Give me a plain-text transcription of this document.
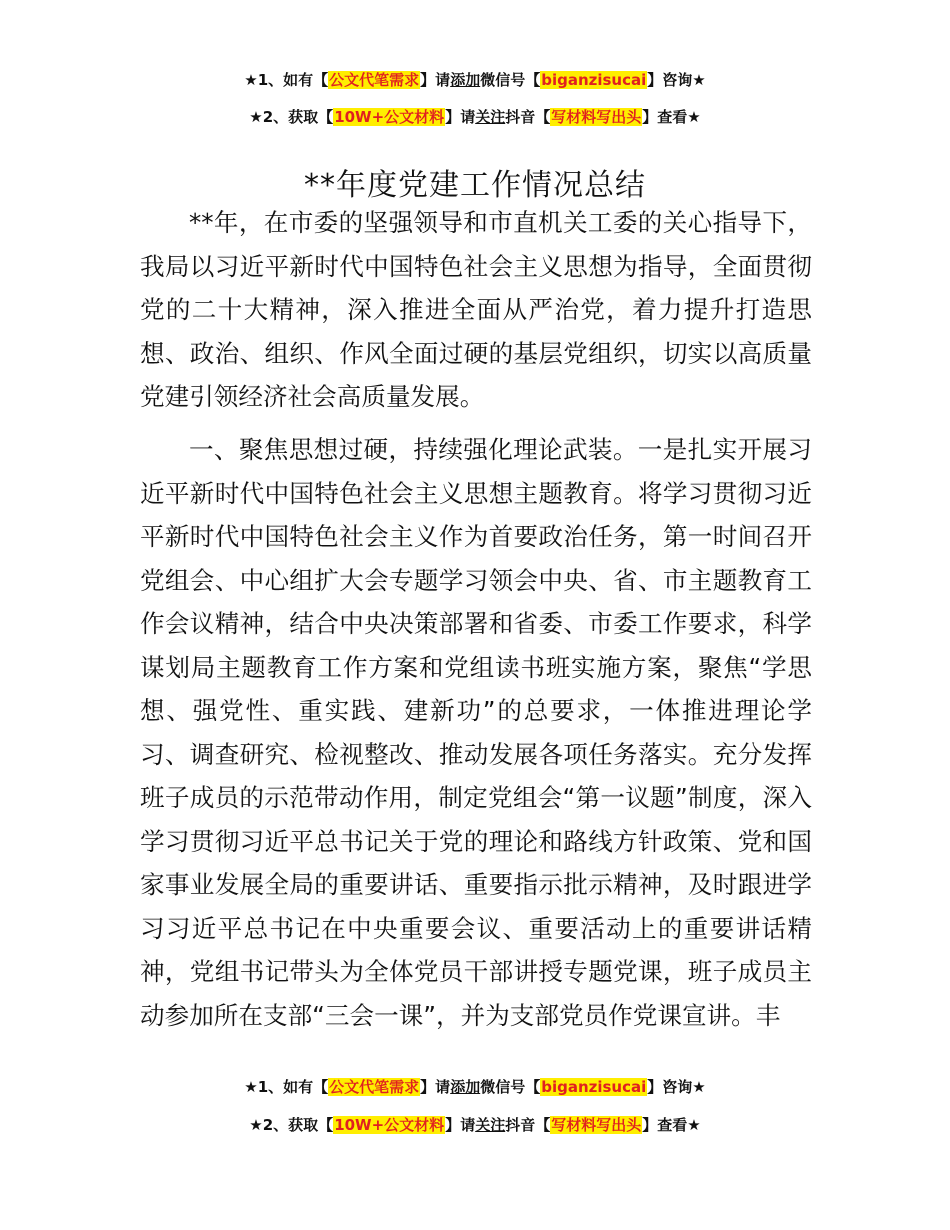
★1、如有【公文代笔需求】请添加微信号【biganzisucai】咨询★
★2、获取【10W+公文材料】请关注抖音【写材料写出头】查看★
**年度党建工作情况总结

**年，在市委的坚强领导和市直机关工委的关心指导下，我局以习近平新时代中国特色社会主义思想为指导，全面贯彻党的二十大精神，深入推进全面从严治党，着力提升打造思想、政治、组织、作风全面过硬的基层党组织，切实以高质量党建引领经济社会高质量发展。

一、聚焦思想过硬，持续强化理论武装。一是扎实开展习近平新时代中国特色社会主义思想主题教育。将学习贯彻习近平新时代中国特色社会主义作为首要政治任务，第一时间召开党组会、中心组扩大会专题学习领会中央、省、市主题教育工作会议精神，结合中央决策部署和省委、市委工作要求，科学谋划局主题教育工作方案和党组读书班实施方案，聚焦“学思想、强党性、重实践、建新功”的总要求，一体推进理论学习、调查研究、检视整改、推动发展各项任务落实。充分发挥班子成员的示范带动作用，制定党组会“第一议题”制度，深入学习贯彻习近平总书记关于党的理论和路线方针政策、党和国家事业发展全局的重要讲话、重要指示批示精神，及时跟进学习习近平总书记在中央重要会议、重要活动上的重要讲话精神，党组书记带头为全体党员干部讲授专题党课，班子成员主动参加所在支部“三会一课”，并为支部党员作党课宣讲。丰

★1、如有【公文代笔需求】请添加微信号【biganzisucai】咨询★
★2、获取【10W+公文材料】请关注抖音【写材料写出头】查看★
